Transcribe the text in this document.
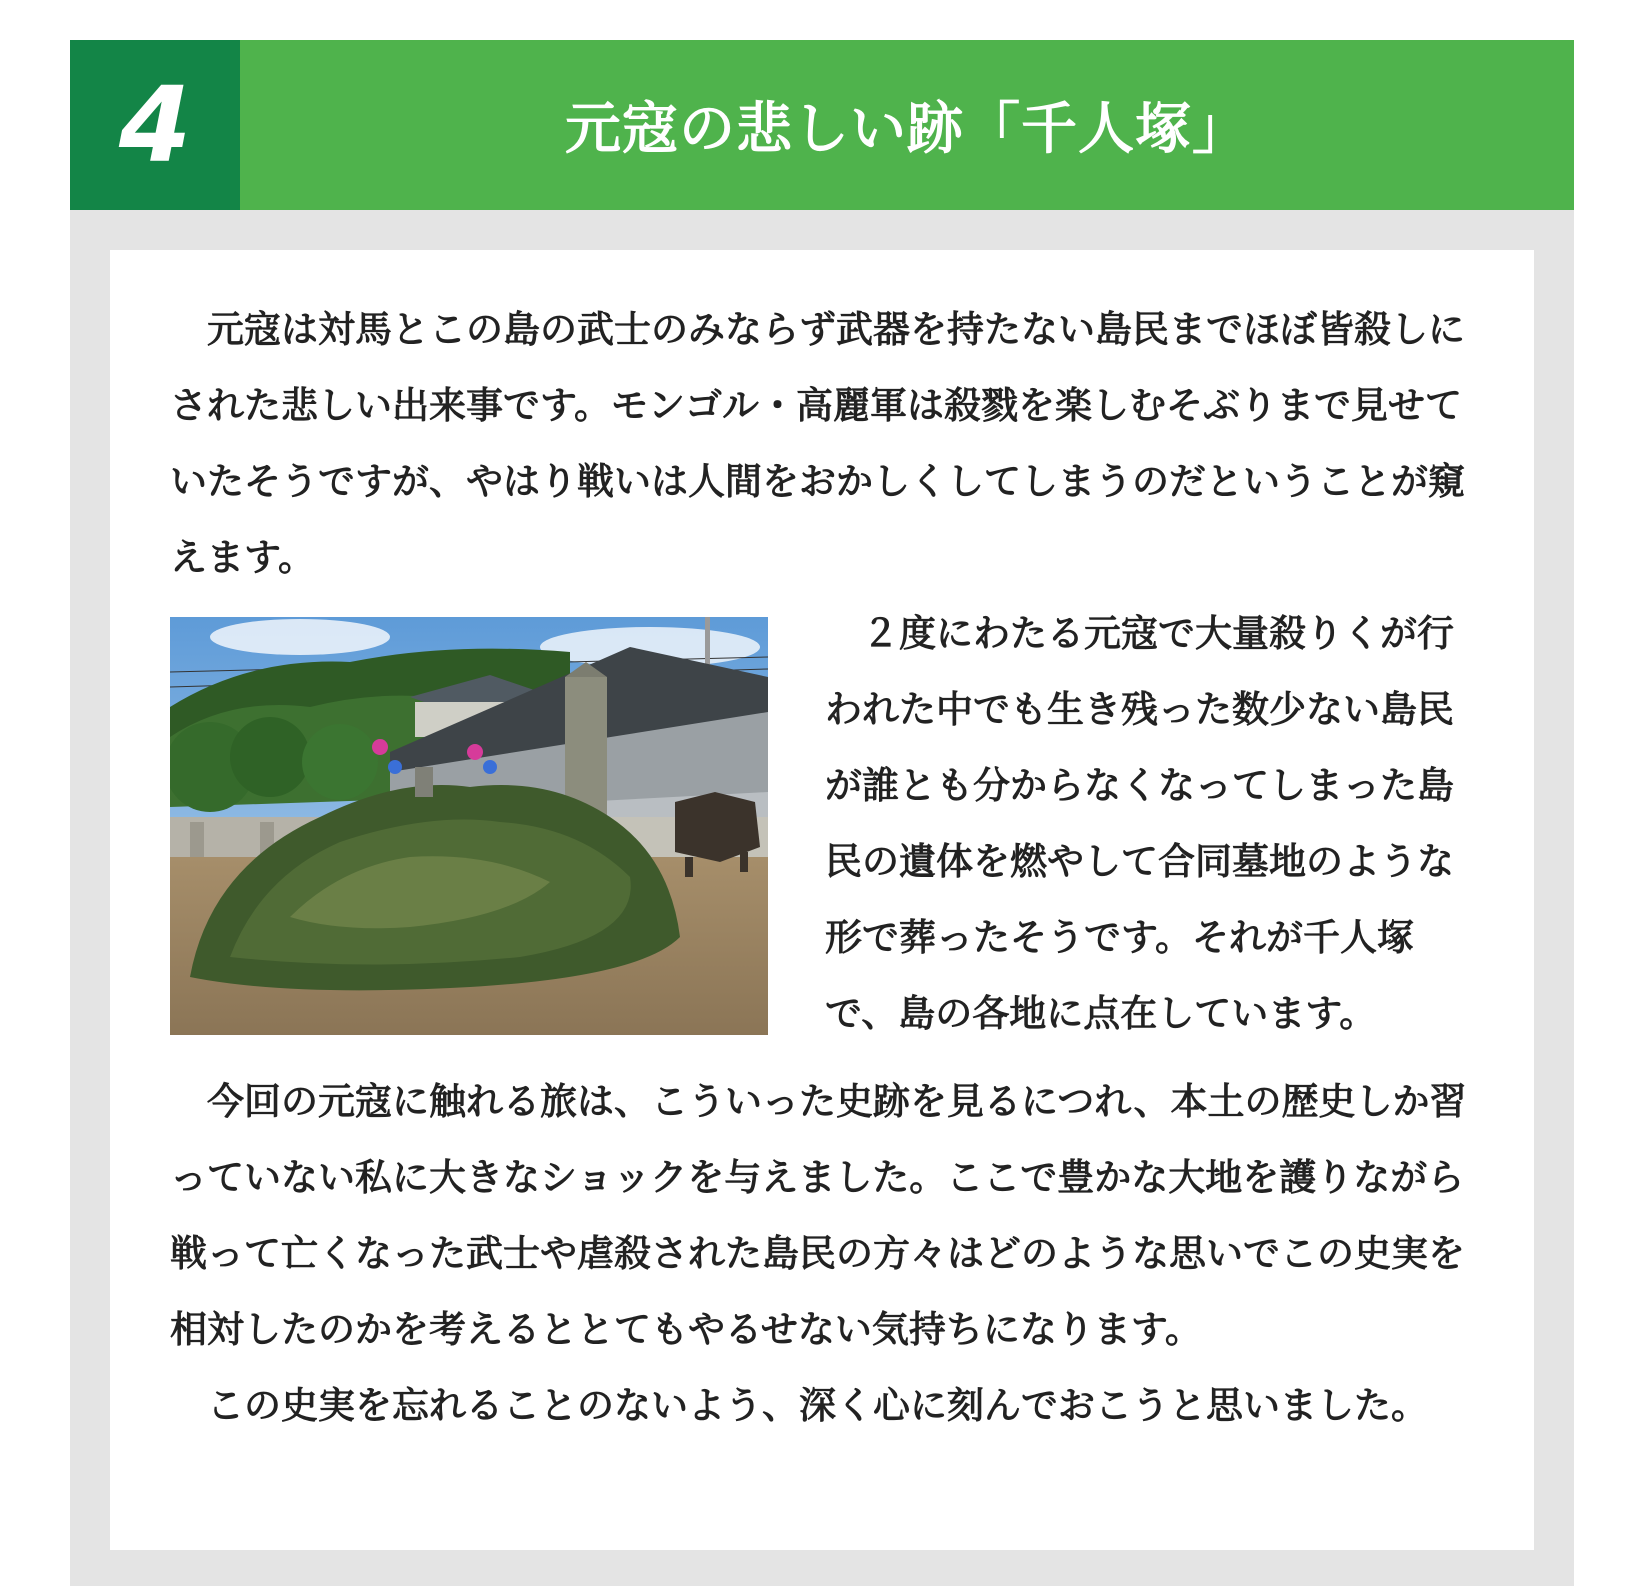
4	元寇の悲しい跡「千人塚」

元寇は対馬とこの島の武士のみならず武器を持たない島民までほぼ皆殺しにされた悲しい出来事です。モンゴル・高麗軍は殺戮を楽しむそぶりまで見せていたそうですが、やはり戦いは人間をおかしくしてしまうのだということが窺えます。

２度にわたる元寇で大量殺りくが行われた中でも生き残った数少ない島民が誰とも分からなくなってしまった島民の遺体を燃やして合同墓地のような形で葬ったそうです。それが千人塚で、島の各地に点在しています。

今回の元寇に触れる旅は、こういった史跡を見るにつれ、本土の歴史しか習っていない私に大きなショックを与えました。ここで豊かな大地を護りながら戦って亡くなった武士や虐殺された島民の方々はどのような思いでこの史実を相対したのかを考えるととてもやるせない気持ちになります。

この史実を忘れることのないよう、深く心に刻んでおこうと思いました。
